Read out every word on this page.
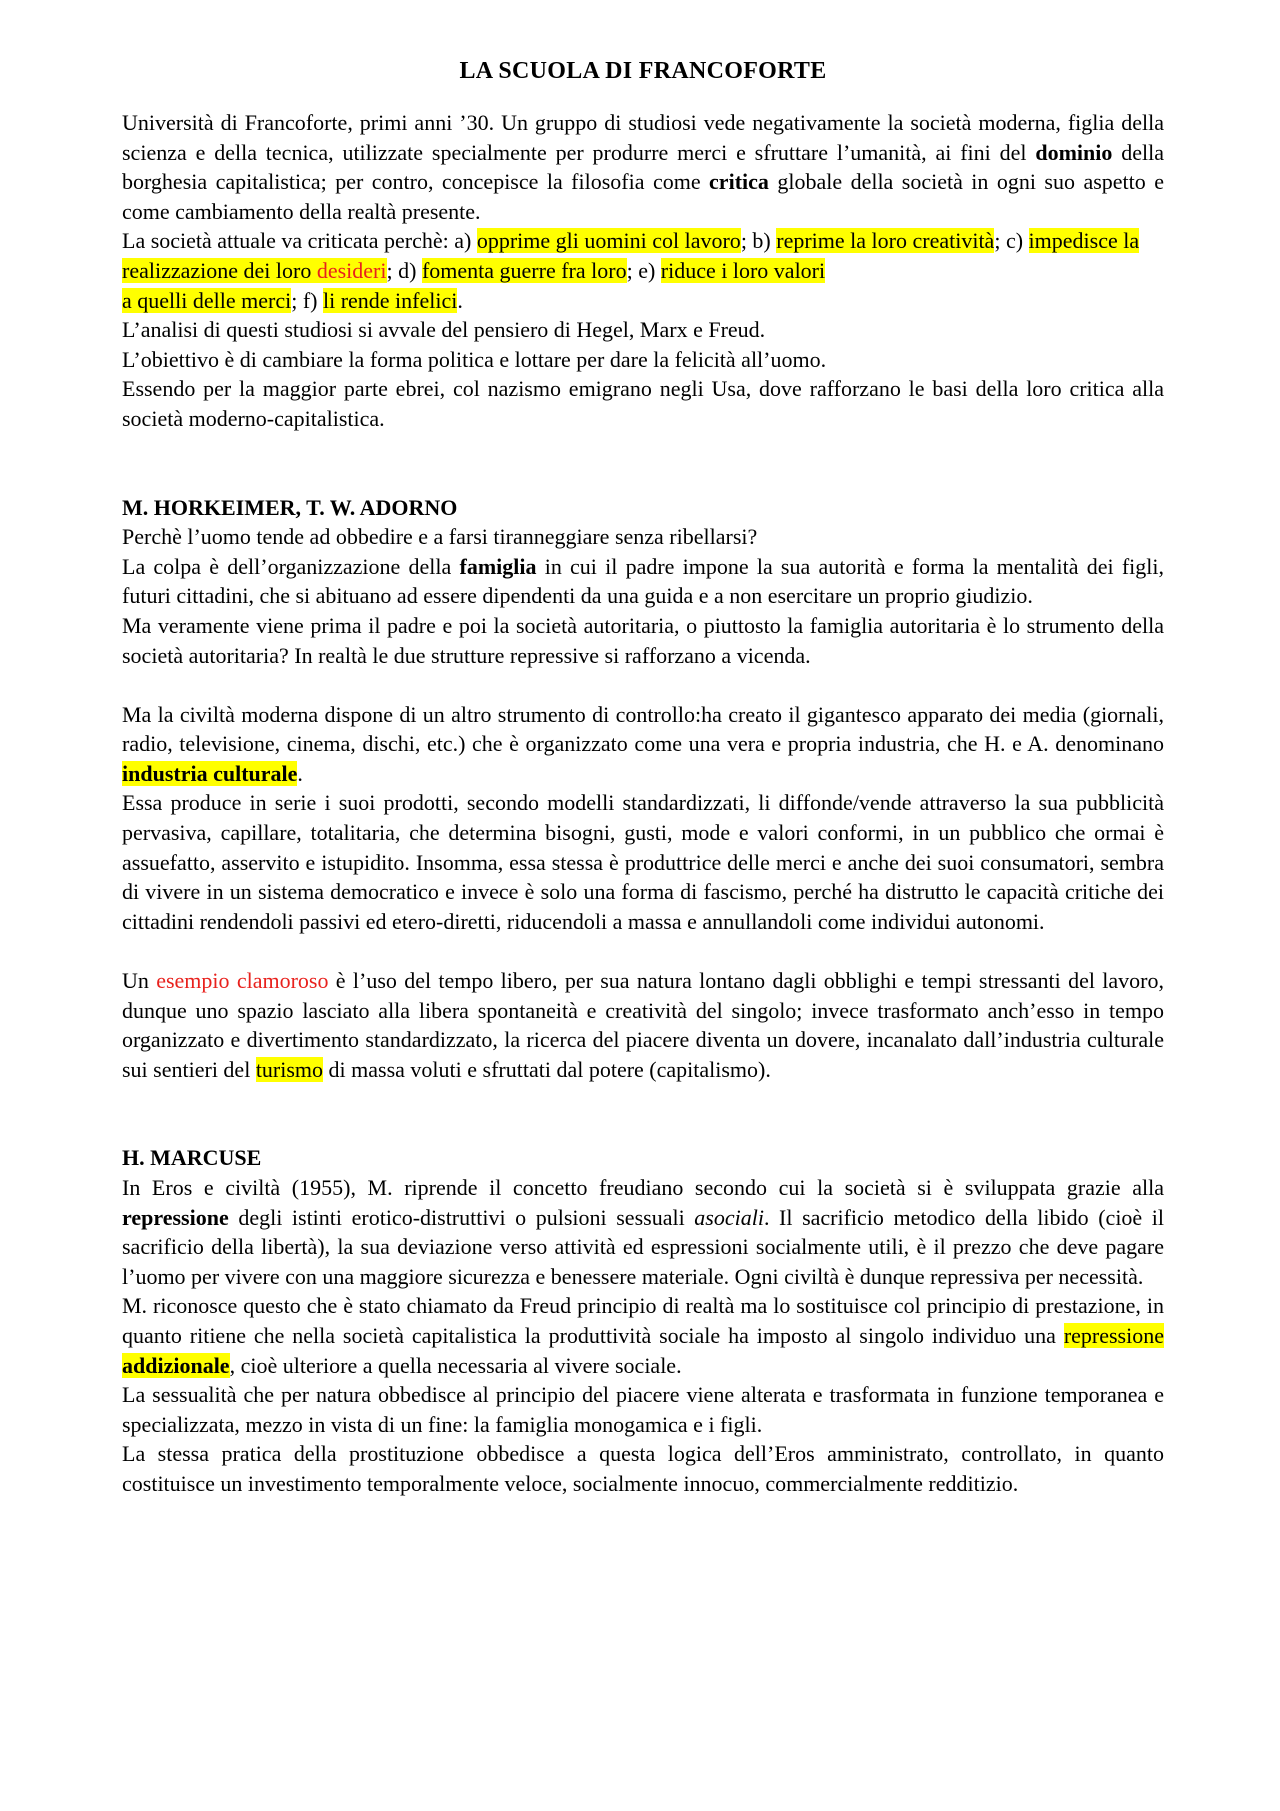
LA SCUOLA DI FRANCOFORTE

Università di Francoforte, primi anni ’30. Un gruppo di studiosi vede negativamente la società moderna, figlia della scienza e della tecnica, utilizzate specialmente per produrre merci e sfruttare l’umanità, ai fini del dominio della borghesia capitalistica; per contro, concepisce la filosofia come critica globale della società in ogni suo aspetto e come cambiamento della realtà presente.

La società attuale va criticata perchè: a) opprime gli uomini col lavoro; b) reprime la loro creatività; c) impedisce la realizzazione dei loro desideri; d) fomenta guerre fra loro; e) riduce i loro valori
a quelli delle merci; f) li rende infelici.

L’analisi di questi studiosi si avvale del pensiero di Hegel, Marx e Freud.

L’obiettivo è di cambiare la forma politica e lottare per dare la felicità all’uomo.

Essendo per la maggior parte ebrei, col nazismo emigrano negli Usa, dove rafforzano le basi della loro critica alla società moderno-capitalistica.

M. HORKEIMER, T. W. ADORNO

Perchè l’uomo tende ad obbedire e a farsi tiranneggiare senza ribellarsi?

La colpa è dell’organizzazione della famiglia in cui il padre impone la sua autorità e forma la mentalità dei figli, futuri cittadini, che si abituano ad essere dipendenti da una guida e a non esercitare un proprio giudizio.

Ma veramente viene prima il padre e poi la società autoritaria, o piuttosto la famiglia autoritaria è lo strumento della società autoritaria? In realtà le due strutture repressive si rafforzano a vicenda.

Ma la civiltà moderna dispone di un altro strumento di controllo:ha creato il gigantesco apparato dei media (giornali, radio, televisione, cinema, dischi, etc.) che è organizzato come una vera e propria industria, che H. e A. denominano industria culturale.

Essa produce in serie i suoi prodotti, secondo modelli standardizzati, li diffonde/vende attraverso la sua pubblicità pervasiva, capillare, totalitaria, che determina bisogni, gusti, mode e valori conformi, in un pubblico che ormai è assuefatto, asservito e istupidito. Insomma, essa stessa è produttrice delle merci e anche dei suoi consumatori, sembra di vivere in un sistema democratico e invece è solo una forma di fascismo, perché ha distrutto le capacità critiche dei cittadini rendendoli passivi ed etero-diretti, riducendoli a massa e annullandoli come individui autonomi.

Un esempio clamoroso è l’uso del tempo libero, per sua natura lontano dagli obblighi e tempi stressanti del lavoro, dunque uno spazio lasciato alla libera spontaneità e creatività del singolo; invece trasformato anch’esso in tempo organizzato e divertimento standardizzato, la ricerca del piacere diventa un dovere, incanalato dall’industria culturale sui sentieri del turismo di massa voluti e sfruttati dal potere (capitalismo).

H. MARCUSE

In Eros e civiltà (1955), M. riprende il concetto freudiano secondo cui la società si è sviluppata grazie alla repressione degli istinti erotico-distruttivi o pulsioni sessuali asociali. Il sacrificio metodico della libido (cioè il sacrificio della libertà), la sua deviazione verso attività ed espressioni socialmente utili, è il prezzo che deve pagare l’uomo per vivere con una maggiore sicurezza e benessere materiale. Ogni civiltà è dunque repressiva per necessità.

M. riconosce questo che è stato chiamato da Freud principio di realtà ma lo sostituisce col principio di prestazione, in quanto ritiene che nella società capitalistica la produttività sociale ha imposto al singolo individuo una repressione addizionale, cioè ulteriore a quella necessaria al vivere sociale.

La sessualità che per natura obbedisce al principio del piacere viene alterata e trasformata in funzione temporanea e specializzata, mezzo in vista di un fine: la famiglia monogamica e i figli.

La stessa pratica della prostituzione obbedisce a questa logica dell’Eros amministrato, controllato, in quanto costituisce un investimento temporalmente veloce, socialmente innocuo, commercialmente redditizio.
